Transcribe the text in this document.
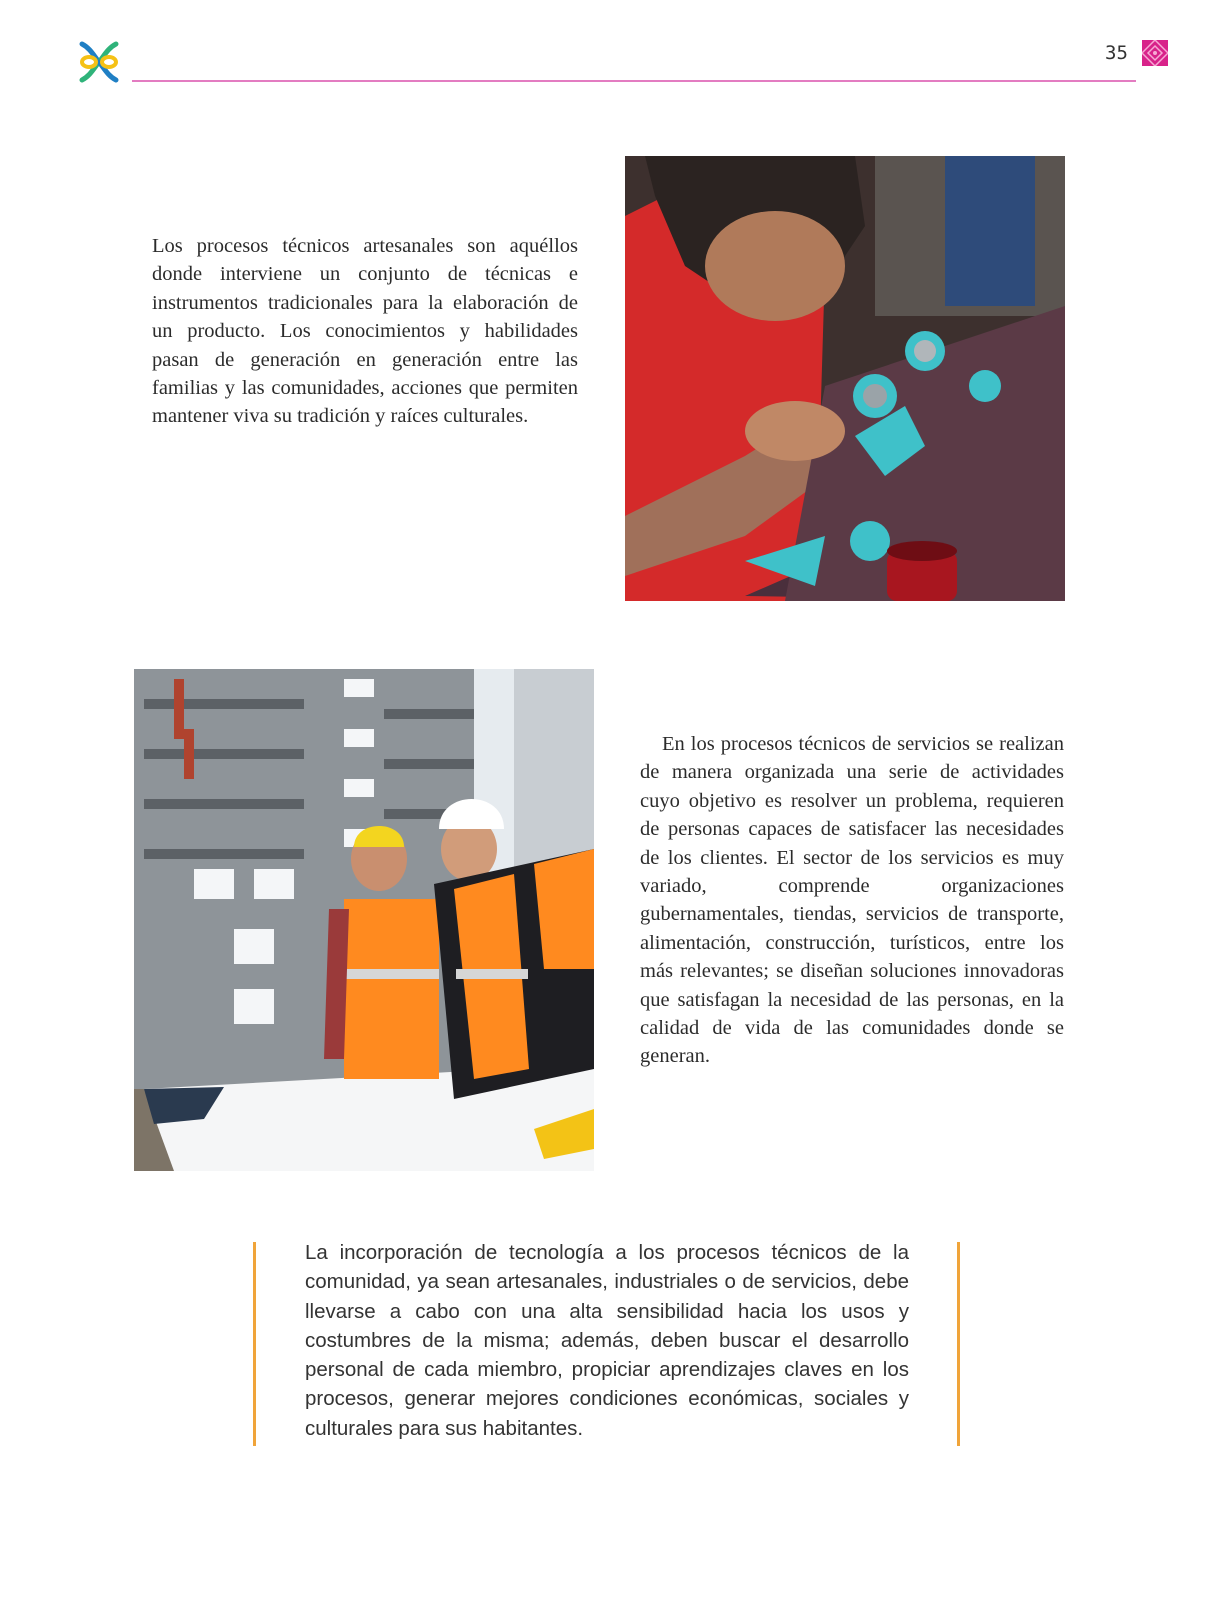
35

Los procesos técnicos artesanales son aquéllos donde interviene un conjunto de técnicas e instrumentos tradicionales para la elaboración de un producto. Los conocimientos y habilidades pasan de generación en generación entre las familias y las comunidades, acciones que permiten mantener viva su tradición y raíces culturales.

En los procesos técnicos de servicios se realizan de manera organizada una serie de actividades cuyo objetivo es resolver un problema, requieren de personas capaces de satisfacer las necesidades de los clientes. El sector de los servicios es muy variado, comprende organizaciones gubernamentales, tiendas, servicios de transporte, alimentación, construcción, turísticos, entre los más relevantes; se diseñan soluciones innovadoras que satisfagan la necesidad de las personas, en la calidad de vida de las comunidades donde se generan.

La incorporación de tecnología a los procesos técnicos de la comunidad, ya sean artesanales, industriales o de servicios, debe llevarse a cabo con una alta sensibilidad hacia los usos y costumbres de la misma; además, deben buscar el desarrollo personal de cada miembro, propiciar aprendizajes claves en los procesos, generar mejores condiciones económicas, sociales y culturales para sus habitantes.
